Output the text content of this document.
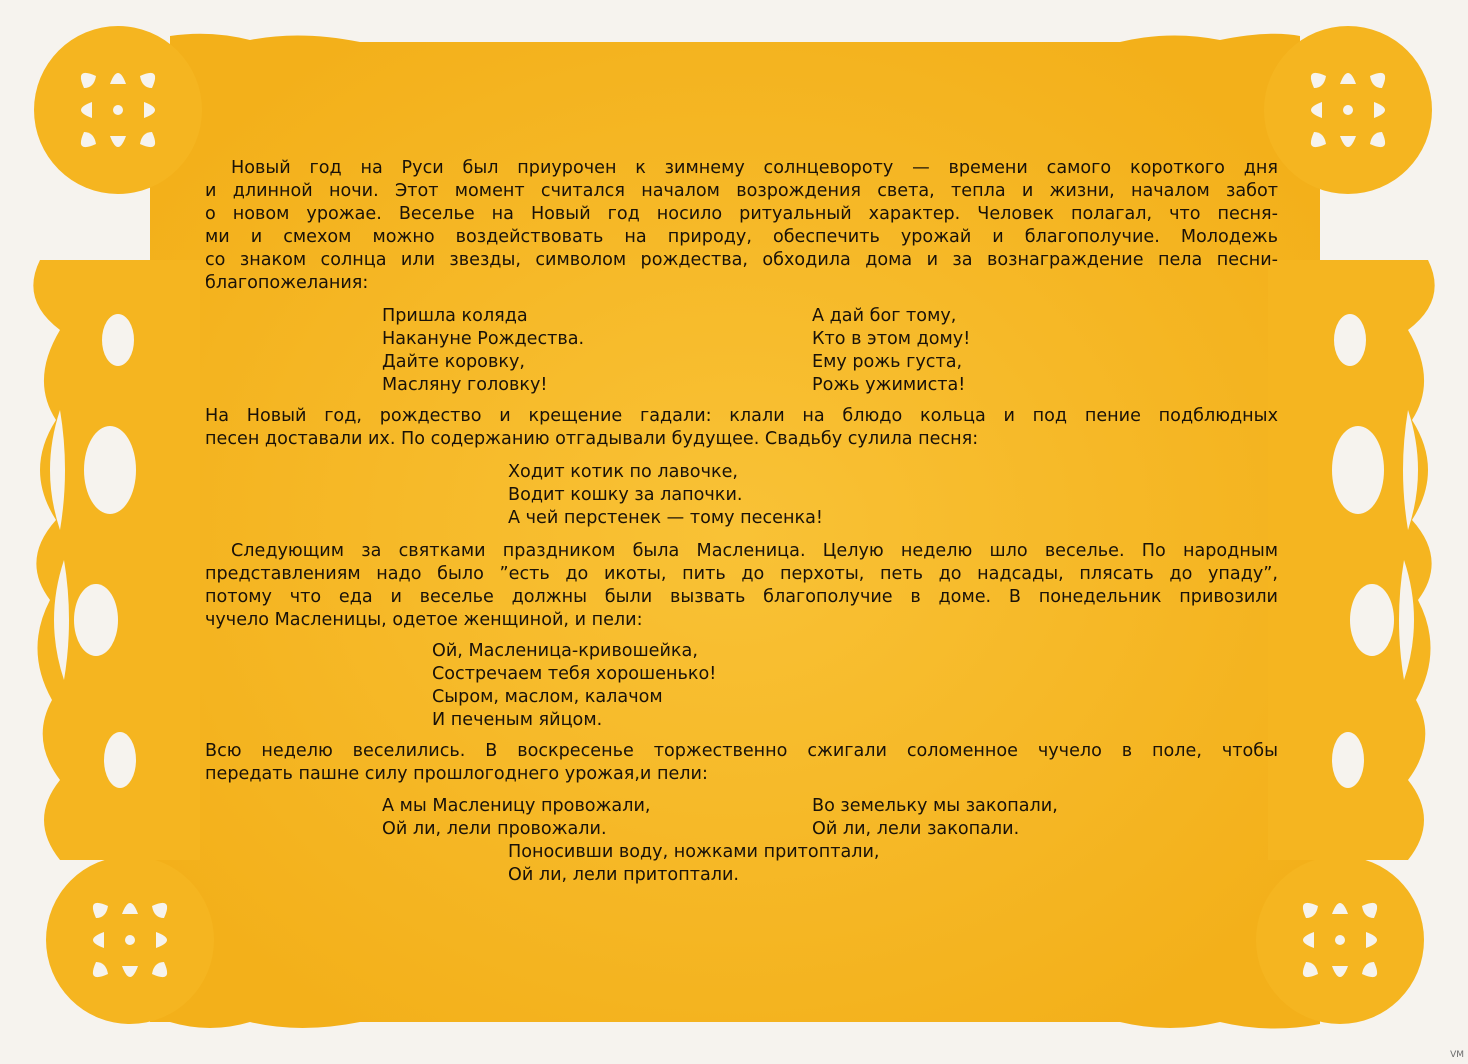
Новый год на Руси был приурочен к зимнему солнцевороту — времени самого короткого дня
и длинной ночи. Этот момент считался началом возрождения света, тепла и жизни, началом забот
о новом урожае. Веселье на Новый год носило ритуальный характер. Человек полагал, что песня-
ми и смехом можно воздействовать на природу, обеспечить урожай и благополучие. Молодежь
со знаком солнца или звезды, символом рождества, обходила дома и за вознаграждение пела песни-
благопожелания:
Пришла коляда
Накануне Рождества.
Дайте коровку,
Масляну головку!
А дай бог тому,
Кто в этом дому!
Ему рожь густа,
Рожь ужимиста!
На Новый год, рождество и крещение гадали: клали на блюдо кольца и под пение подблюдных
песен доставали их. По содержанию отгадывали будущее. Свадьбу сулила песня:
Ходит котик по лавочке,
Водит кошку за лапочки.
А чей перстенек — тому песенка!
Следующим за святками праздником была Масленица. Целую неделю шло веселье. По народным
представлениям надо было ”есть до икоты, пить до перхоты, петь до надсады, плясать до упаду”,
потому что еда и веселье должны были вызвать благополучие в доме. В понедельник привозили
чучело Масленицы, одетое женщиной, и пели:
Ой, Масленица-кривошейка,
Состречаем тебя хорошенько!
Сыром, маслом, калачом
И печеным яйцом.
Всю неделю веселились. В воскресенье торжественно сжигали соломенное чучело в поле, чтобы
передать пашне силу прошлогоднего урожая,и пели:
А мы Масленицу провожали,
Ой ли, лели провожали.
Во земельку мы закопали,
Ой ли, лели закопали.
Поносивши воду, ножками притоптали,
Ой ли, лели притоптали.
VM
